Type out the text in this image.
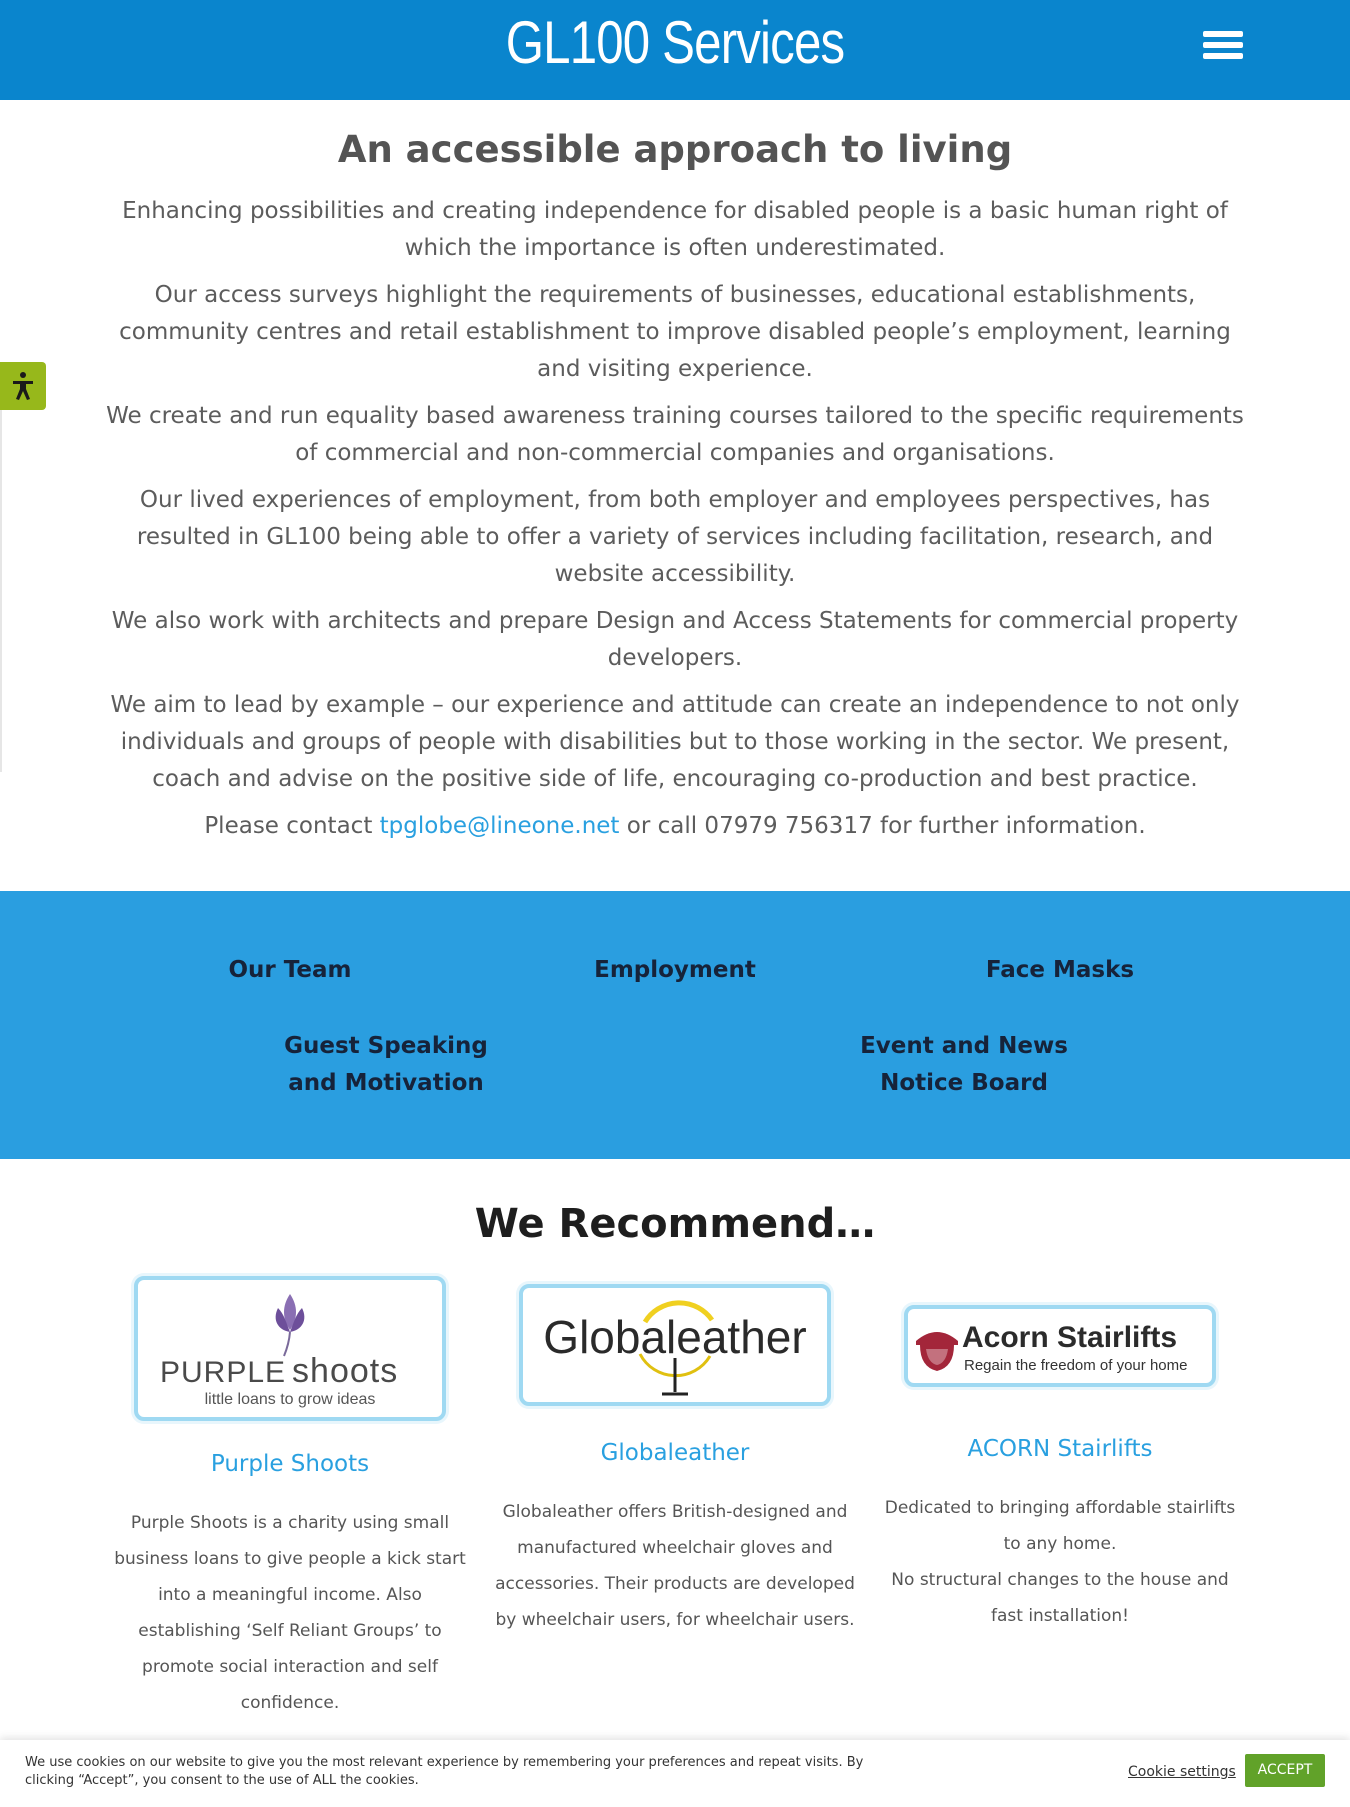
GL100 Services
An accessible approach to living

Enhancing possibilities and creating independence for disabled people is a basic human right of which the importance is often underestimated.

Our access surveys highlight the requirements of businesses, educational establishments, community centres and retail establishment to improve disabled people’s employment, learning and visiting experience.

We create and run equality based awareness training courses tailored to the specific requirements of commercial and non-commercial companies and organisations.

Our lived experiences of employment, from both employer and employees perspectives, has resulted in GL100 being able to offer a variety of services including facilitation, research, and website accessibility.

We also work with architects and prepare Design and Access Statements for commercial property developers.

We aim to lead by example – our experience and attitude can create an independence to not only individuals and groups of people with disabilities but to those working in the sector. We present, coach and advise on the positive side of life, encouraging co-production and best practice.

Please contact tpglobe@lineone.net or call 07979 756317 for further information.

Our Team	Employment	Face Masks
Guest Speaking
and Motivation
Event and News
Notice Board
We Recommend…
PURPLE shoots
little loans to grow ideas
Purple Shoots
Purple Shoots is a charity using small business loans to give people a kick start into a meaningful income. Also establishing ‘Self Reliant Groups’ to promote social interaction and self confidence.
Globaleather
Globaleather
Globaleather offers British-designed and manufactured wheelchair gloves and accessories. Their products are developed by wheelchair users, for wheelchair users.
Acorn Stairlifts
Regain the freedom of your home
ACORN Stairlifts
Dedicated to bringing affordable stairlifts to any home.
No structural changes to the house and fast installation!
We use cookies on our website to give you the most relevant experience by remembering your preferences and repeat visits. By clicking “Accept”, you consent to the use of ALL the cookies.
Cookie settings	ACCEPT
